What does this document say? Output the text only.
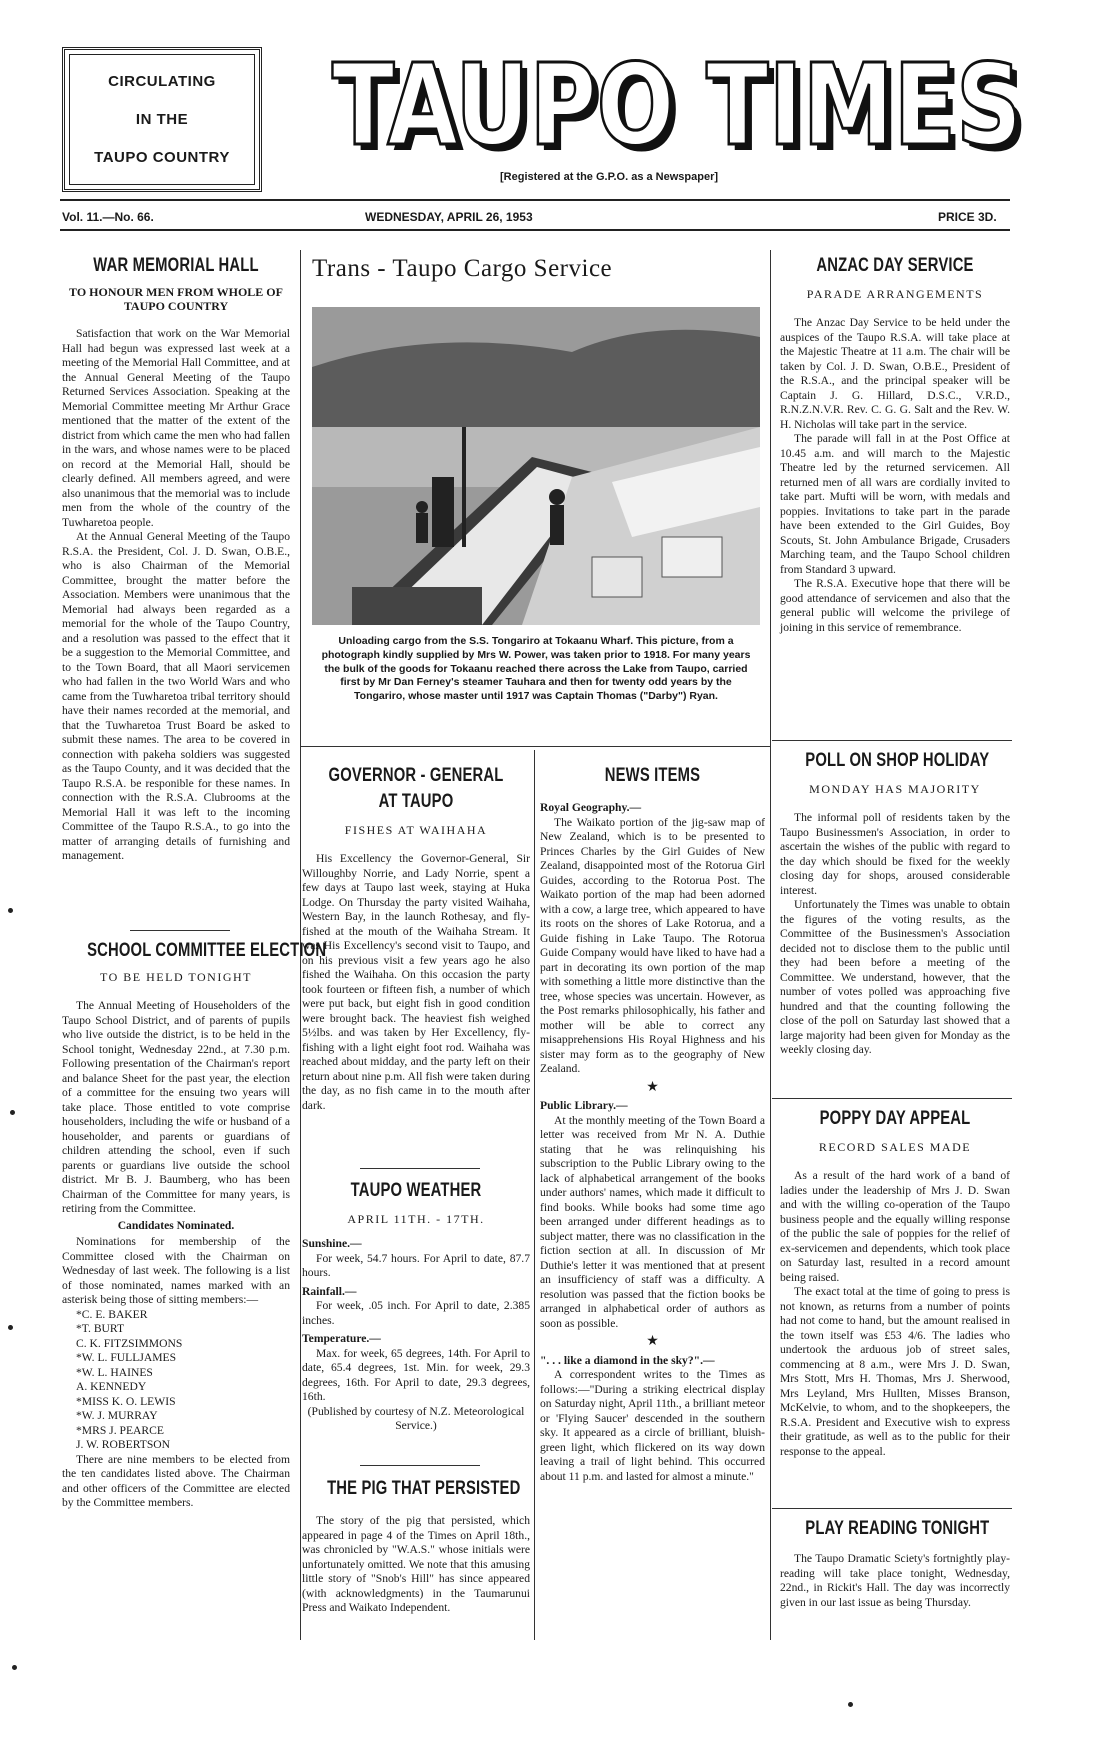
CIRCULATING
IN THE
TAUPO COUNTRY TAUPO TIMES
TAUPO TIMES
[Registered at the G.P.O. as a Newspaper]
Vol. 11.—No. 66.	WEDNESDAY, APRIL 26, 1953	PRICE 3D.
WAR MEMORIAL HALL
TO HONOUR MEN FROM WHOLE OF TAUPO COUNTRY

Satisfaction that work on the War Memorial Hall had begun was expressed last week at a meeting of the Memorial Hall Committee, and at the Annual General Meeting of the Taupo Returned Services Association. Speaking at the Memorial Committee meeting Mr Arthur Grace mentioned that the matter of the extent of the district from which came the men who had fallen in the wars, and whose names were to be placed on record at the Memorial Hall, should be clearly defined. All members agreed, and were also unanimous that the memorial was to include men from the whole of the country of the Tuwharetoa people.

At the Annual General Meeting of the Taupo R.S.A. the President, Col. J. D. Swan, O.B.E., who is also Chairman of the Memorial Committee, brought the matter before the Association. Members were unanimous that the Memorial had always been regarded as a memorial for the whole of the Taupo Country, and a resolution was passed to the effect that it be a suggestion to the Memorial Committee, and to the Town Board, that all Maori servicemen who had fallen in the two World Wars and who came from the Tuwharetoa tribal territory should have their names recorded at the memorial, and that the Tuwharetoa Trust Board be asked to submit these names. The area to be covered in connection with pakeha soldiers was suggested as the Taupo County, and it was decided that the Taupo R.S.A. be responible for these names. In connection with the R.S.A. Clubrooms at the Memorial Hall it was left to the incoming Committee of the Taupo R.S.A., to go into the matter of arranging details of furnishing and management.

SCHOOL COMMITTEE ELECTION
TO BE HELD TONIGHT

The Annual Meeting of Householders of the Taupo School District, and of parents of pupils who live outside the district, is to be held in the School tonight, Wednesday 22nd., at 7.30 p.m. Following presentation of the Chairman's report and balance Sheet for the past year, the election of a committee for the ensuing two years will take place. Those entitled to vote comprise householders, including the wife or husband of a householder, and parents or guardians of children attending the school, even if such parents or guardians live outside the school district. Mr B. J. Baumberg, who has been Chairman of the Committee for many years, is retiring from the Committee.

Candidates Nominated.

Nominations for membership of the Committee closed with the Chairman on Wednesday of last week. The following is a list of those nominated, names marked with an asterisk being those of sitting members:—

*C. E. BAKER
*T. BURT
C. K. FITZSIMMONS
*W. L. FULLJAMES
*W. L. HAINES
A. KENNEDY
*MISS K. O. LEWIS
*W. J. MURRAY
*MRS J. PEARCE
J. W. ROBERTSON

There are nine members to be elected from the ten candidates listed above. The Chairman and other officers of the Committee are elected by the Committee members.

Trans - Taupo Cargo Service
Unloading cargo from the S.S. Tongariro at Tokaanu Wharf. This picture, from a photograph kindly supplied by Mrs W. Power, was taken prior to 1918. For many years the bulk of the goods for Tokaanu reached there across the Lake from Taupo, carried first by Mr Dan Ferney's steamer Tauhara and then for twenty odd years by the Tongariro, whose master until 1917 was Captain Thomas ("Darby") Ryan.
GOVERNOR - GENERAL
AT TAUPO
FISHES AT WAIHAHA

His Excellency the Governor-General, Sir Willoughby Norrie, and Lady Norrie, spent a few days at Taupo last week, staying at Huka Lodge. On Thursday the party visited Waihaha, Western Bay, in the launch Rothesay, and fly-fished at the mouth of the Waihaha Stream. It was His Excellency's second visit to Taupo, and on his previous visit a few years ago he also fished the Waihaha. On this occasion the party took fourteen or fifteen fish, a number of which were put back, but eight fish in good condition were brought back. The heaviest fish weighed 5½lbs. and was taken by Her Excellency, fly-fishing with a light eight foot rod. Waihaha was reached about midday, and the party left on their return about nine p.m. All fish were taken during the day, as no fish came in to the mouth after dark.

TAUPO WEATHER
APRIL 11TH. - 17TH.
Sunshine.—

For week, 54.7 hours. For April to date, 87.7 hours.

Rainfall.—

For week, .05 inch. For April to date, 2.385 inches.

Temperature.—

Max. for week, 65 degrees, 14th. For April to date, 65.4 degrees, 1st. Min. for week, 29.3 degrees, 16th. For April to date, 29.3 degrees, 16th.

(Published by courtesy of N.Z. Meteorological Service.)

THE PIG THAT PERSISTED

The story of the pig that persisted, which appeared in page 4 of the Times on April 18th., was chronicled by "W.A.S." whose initials were unfortunately omitted. We note that this amusing little story of "Snob's Hill" has since appeared (with acknowledgments) in the Taumarunui Press and Waikato Independent.

NEWS ITEMS
Royal Geography.—

The Waikato portion of the jig-saw map of New Zealand, which is to be presented to Princes Charles by the Girl Guides of New Zealand, disappointed most of the Rotorua Girl Guides, according to the Rotorua Post. The Waikato portion of the map had been adorned with a cow, a large tree, which appeared to have its roots on the shores of Lake Rotorua, and a Guide fishing in Lake Taupo. The Rotorua Guide Company would have liked to have had a part in decorating its own portion of the map with something a little more distinctive than the tree, whose species was uncertain. However, as the Post remarks philosophically, his father and mother will be able to correct any misapprehensions His Royal Highness and his sister may form as to the geography of New Zealand.

★
Public Library.—

At the monthly meeting of the Town Board a letter was received from Mr N. A. Duthie stating that he was relinquishing his subscription to the Public Library owing to the lack of alphabetical arrangement of the books under authors' names, which made it difficult to find books. While books had some time ago been arranged under different headings as to subject matter, there was no classification in the fiction section at all. In discussion of Mr Duthie's letter it was mentioned that at present an insufficiency of staff was a difficulty. A resolution was passed that the fiction books be arranged in alphabetical order of authors as soon as possible.

★
". . . like a diamond in the sky?".—

A correspondent writes to the Times as follows:—"During a striking electrical display on Saturday night, April 11th., a brilliant meteor or 'Flying Saucer' descended in the southern sky. It appeared as a circle of brilliant, bluish-green light, which flickered on its way down leaving a trail of light behind. This occurred about 11 p.m. and lasted for almost a minute."

ANZAC DAY SERVICE
PARADE ARRANGEMENTS

The Anzac Day Service to be held under the auspices of the Taupo R.S.A. will take place at the Majestic Theatre at 11 a.m. The chair will be taken by Col. J. D. Swan, O.B.E., President of the R.S.A., and the principal speaker will be Captain J. G. Hillard, D.S.C., V.R.D., R.N.Z.N.V.R. Rev. C. G. G. Salt and the Rev. W. H. Nicholas will take part in the service.

The parade will fall in at the Post Office at 10.45 a.m. and will march to the Majestic Theatre led by the returned servicemen. All returned men of all wars are cordially invited to take part. Mufti will be worn, with medals and poppies. Invitations to take part in the parade have been extended to the Girl Guides, Boy Scouts, St. John Ambulance Brigade, Crusaders Marching team, and the Taupo School children from Standard 3 upward.

The R.S.A. Executive hope that there will be good attendance of servicemen and also that the general public will welcome the privilege of joining in this service of remembrance.

POLL ON SHOP HOLIDAY
MONDAY HAS MAJORITY

The informal poll of residents taken by the Taupo Businessmen's Association, in order to ascertain the wishes of the public with regard to the day which should be fixed for the weekly closing day for shops, aroused considerable interest.

Unfortunately the Times was unable to obtain the figures of the voting results, as the Committee of the Businessmen's Association decided not to disclose them to the public until they had been before a meeting of the Committee. We understand, however, that the number of votes polled was approaching five hundred and that the counting following the close of the poll on Saturday last showed that a large majority had been given for Monday as the weekly closing day.

POPPY DAY APPEAL
RECORD SALES MADE

As a result of the hard work of a band of ladies under the leadership of Mrs J. D. Swan and with the willing co-operation of the Taupo business people and the equally willing response of the public the sale of poppies for the relief of ex-servicemen and dependents, which took place on Saturday last, resulted in a record amount being raised.

The exact total at the time of going to press is not known, as returns from a number of points had not come to hand, but the amount realised in the town itself was £53 4/6. The ladies who undertook the arduous job of street sales, commencing at 8 a.m., were Mrs J. D. Swan, Mrs Stott, Mrs H. Thomas, Mrs J. Sherwood, Mrs Leyland, Mrs Hullten, Misses Branson, McKelvie, to whom, and to the shopkeepers, the R.S.A. President and Executive wish to express their gratitude, as well as to the public for their response to the appeal.

PLAY READING TONIGHT

The Taupo Dramatic Sciety's fortnightly play-reading will take place tonight, Wednesday, 22nd., in Rickit's Hall. The day was incorrectly given in our last issue as being Thursday.
